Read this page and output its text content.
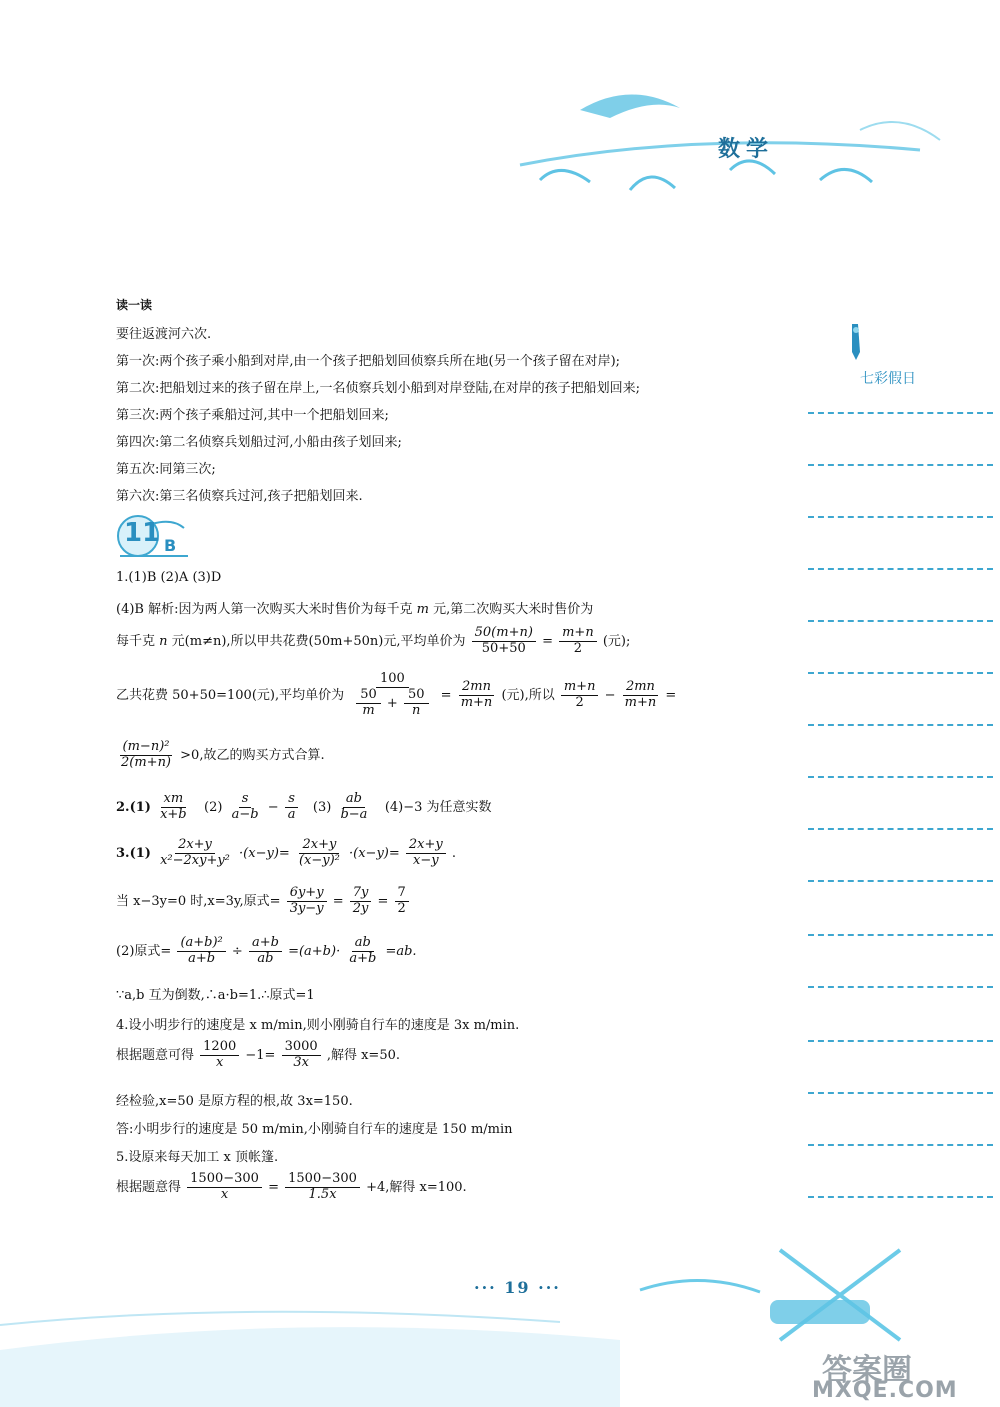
数学
七彩假日
读一读
要往返渡河六次.
第一次:两个孩子乘小船到对岸,由一个孩子把船划回侦察兵所在地(另一个孩子留在对岸);
第二次:把船划过来的孩子留在岸上,一名侦察兵划小船到对岸登陆,在对岸的孩子把船划回来;
第三次:两个孩子乘船过河,其中一个把船划回来;
第四次:第二名侦察兵划船过河,小船由孩子划回来;
第五次:同第三次;
第六次:第三名侦察兵过河,孩子把船划回来.
11 B
1.(1)B (2)A (3)D
(4)B 解析:因为两人第一次购买大米时售价为每千克 m 元,第二次购买大米时售价为
每千克 n 元(m≠n),所以甲共花费(50m+50n)元,平均单价为 $\frac{50(m+n)}{50+50} = \frac{m+n}{2}$ (元);
乙共花费 50+50=100(元),平均单价为 $\frac{100}{\frac{50}{m} + \frac{50}{n}} = \frac{2mn}{m+n}$ (元),所以 $\frac{m+n}{2} - \frac{2mn}{m+n}$ =
$\frac{\text{(m−n)²}}{2(m+n)} >0$,故乙的购买方式合算.
$2.(1) \frac{xm}{x+b} (2) \frac{s}{a-b} - \frac{s}{a} (3) \frac{ab}{b-a} (4)-3$ 为任意实数
$3.(1) \frac{2x+y}{\text{x²−2xy+y²}} \cdot(x-y)= \frac{2x+y}{\text{(x−y)²}} \cdot(x-y)= \frac{2x+y}{x-y}$ .
当 x−3y=0 时,x=3y,原式= $\frac{6y+y}{3y-y} = \frac{7y}{2y} = \frac{7}{2}$
(2)原式= $\frac{\text{(a+b)²}}{a+b} \div \frac{a+b}{ab} =(a+b)\cdot \frac{ab}{a+b} =ab$.
∵a,b 互为倒数,∴a·b=1.∴原式=1
4.设小明步行的速度是 x m/min,则小刚骑自行车的速度是 3x m/min.
根据题意可得 $\frac{1200}{x} -1= \frac{3000}{3x}$ ,解得 x=50.
经检验,x=50 是原方程的根,故 3x=150.
答:小明步行的速度是 50 m/min,小刚骑自行车的速度是 150 m/min
5.设原来每天加工 x 顶帐篷.
根据题意得 $\frac{1500-300}{x} = \frac{1500-300}{1.5x} +4$,解得 x=100.
··· 19 ···
答案圈
MXQE.COM
